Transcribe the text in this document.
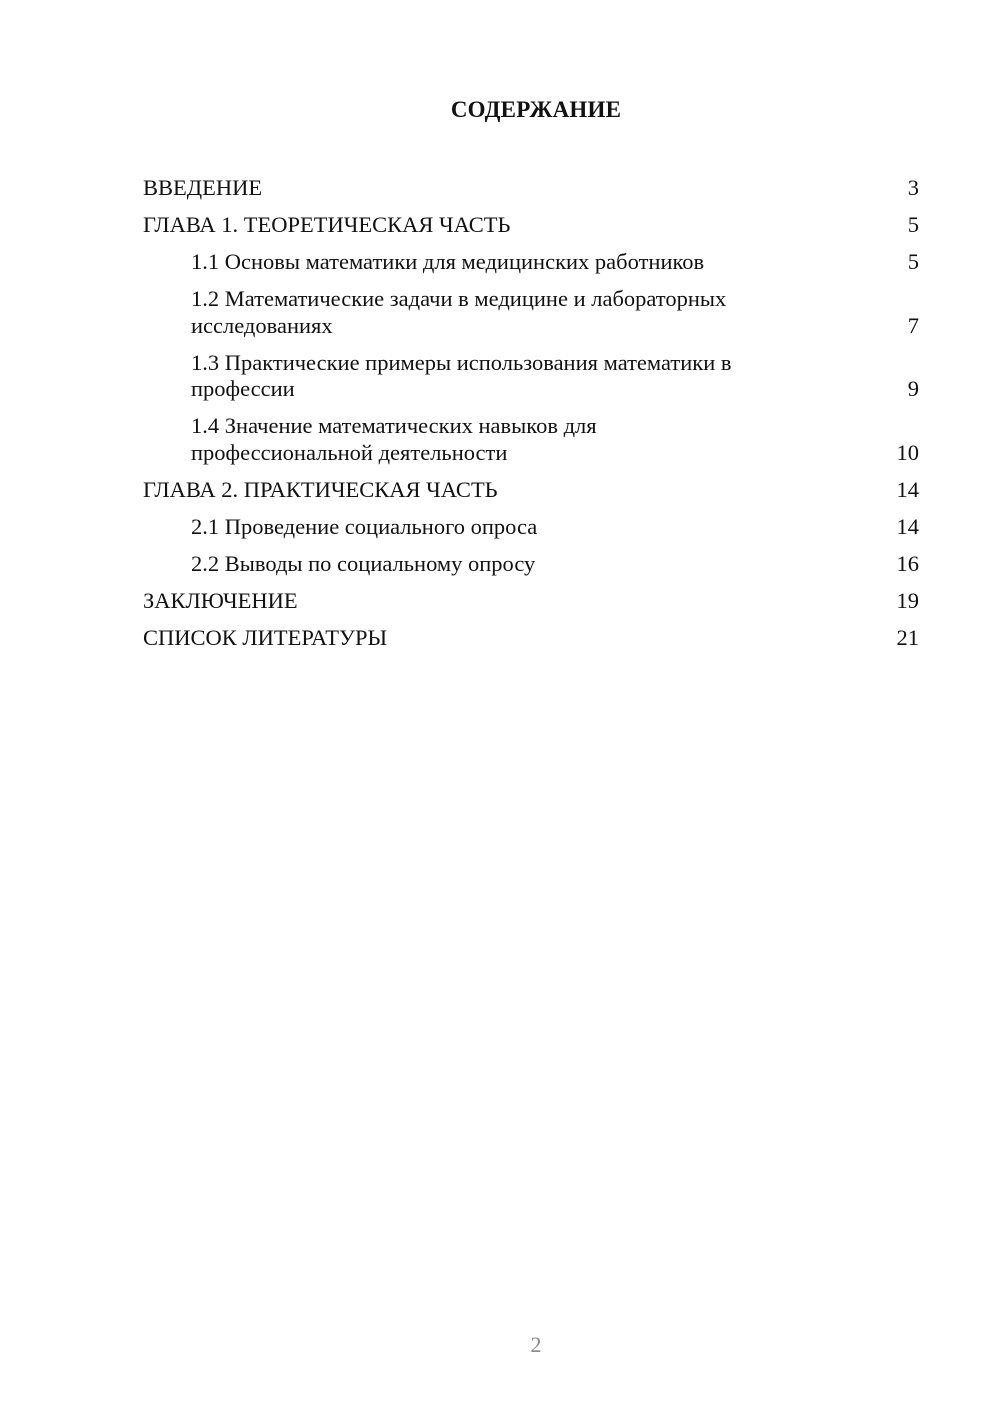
СОДЕРЖАНИЕ
ВВЕДЕНИЕ	3
ГЛАВА 1. ТЕОРЕТИЧЕСКАЯ ЧАСТЬ	5
1.1 Основы математики для медицинских работников	5
1.2 Математические задачи в медицине и лабораторных исследованиях	7
1.3 Практические примеры использования математики в профессии	9
1.4 Значение математических навыков для профессиональной деятельности	10
ГЛАВА 2. ПРАКТИЧЕСКАЯ ЧАСТЬ	14
2.1 Проведение социального опроса	14
2.2 Выводы по социальному опросу	16
ЗАКЛЮЧЕНИЕ	19
СПИСОК ЛИТЕРАТУРЫ	21
2
